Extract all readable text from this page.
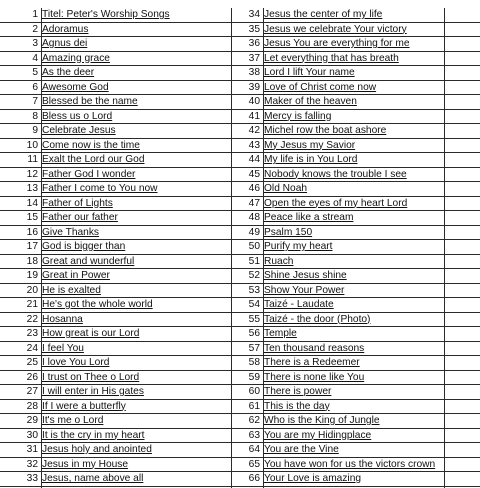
1 Titel: Peter's Worship Songs	34 Jesus the center of my life
2 Adoramus	35 Jesus we celebrate Your victory
3 Agnus dei	36 Jesus You are everything for me
4 Amazing grace	37 Let everything that has breath
5 As the deer	38 Lord I lift Your name
6 Awesome God	39 Love of Christ come now
7 Blessed be the name	40 Maker of the heaven
8 Bless us o Lord	41 Mercy is falling
9 Celebrate Jesus	42 Michel row the boat ashore
10 Come now is the time	43 My Jesus my Savior
11 Exalt the Lord our God	44 My life is in You Lord
12 Father God I wonder	45 Nobody knows the trouble I see
13 Father I come to You now	46 Old Noah
14 Father of Lights	47 Open the eyes of my heart Lord
15 Father our father	48 Peace like a stream
16 Give Thanks	49 Psalm 150
17 God is bigger than	50 Purify my heart
18 Great and wunderful	51 Ruach
19 Great in Power	52 Shine Jesus shine
20 He is exalted	53 Show Your Power
21 He's got the whole world	54 Taizé - Laudate
22 Hosanna	55 Taizé - the door (Photo)
23 How great is our Lord	56 Temple
24 I feel You	57 Ten thousand reasons
25 I love You Lord	58 There is a Redeemer
26 I trust on Thee o Lord	59 There is none like You
27 I will enter in His gates	60 There is power
28 If I were a butterfly	61 This is the day
29 It's me o Lord	62 Who is the King of Jungle
30 It is the cry in my heart	63 You are my Hidingplace
31 Jesus holy and anointed	64 You are the Vine
32 Jesus in my House	65 You have won for us the victors crown
33 Jesus, name above all	66 Your Love is amazing
